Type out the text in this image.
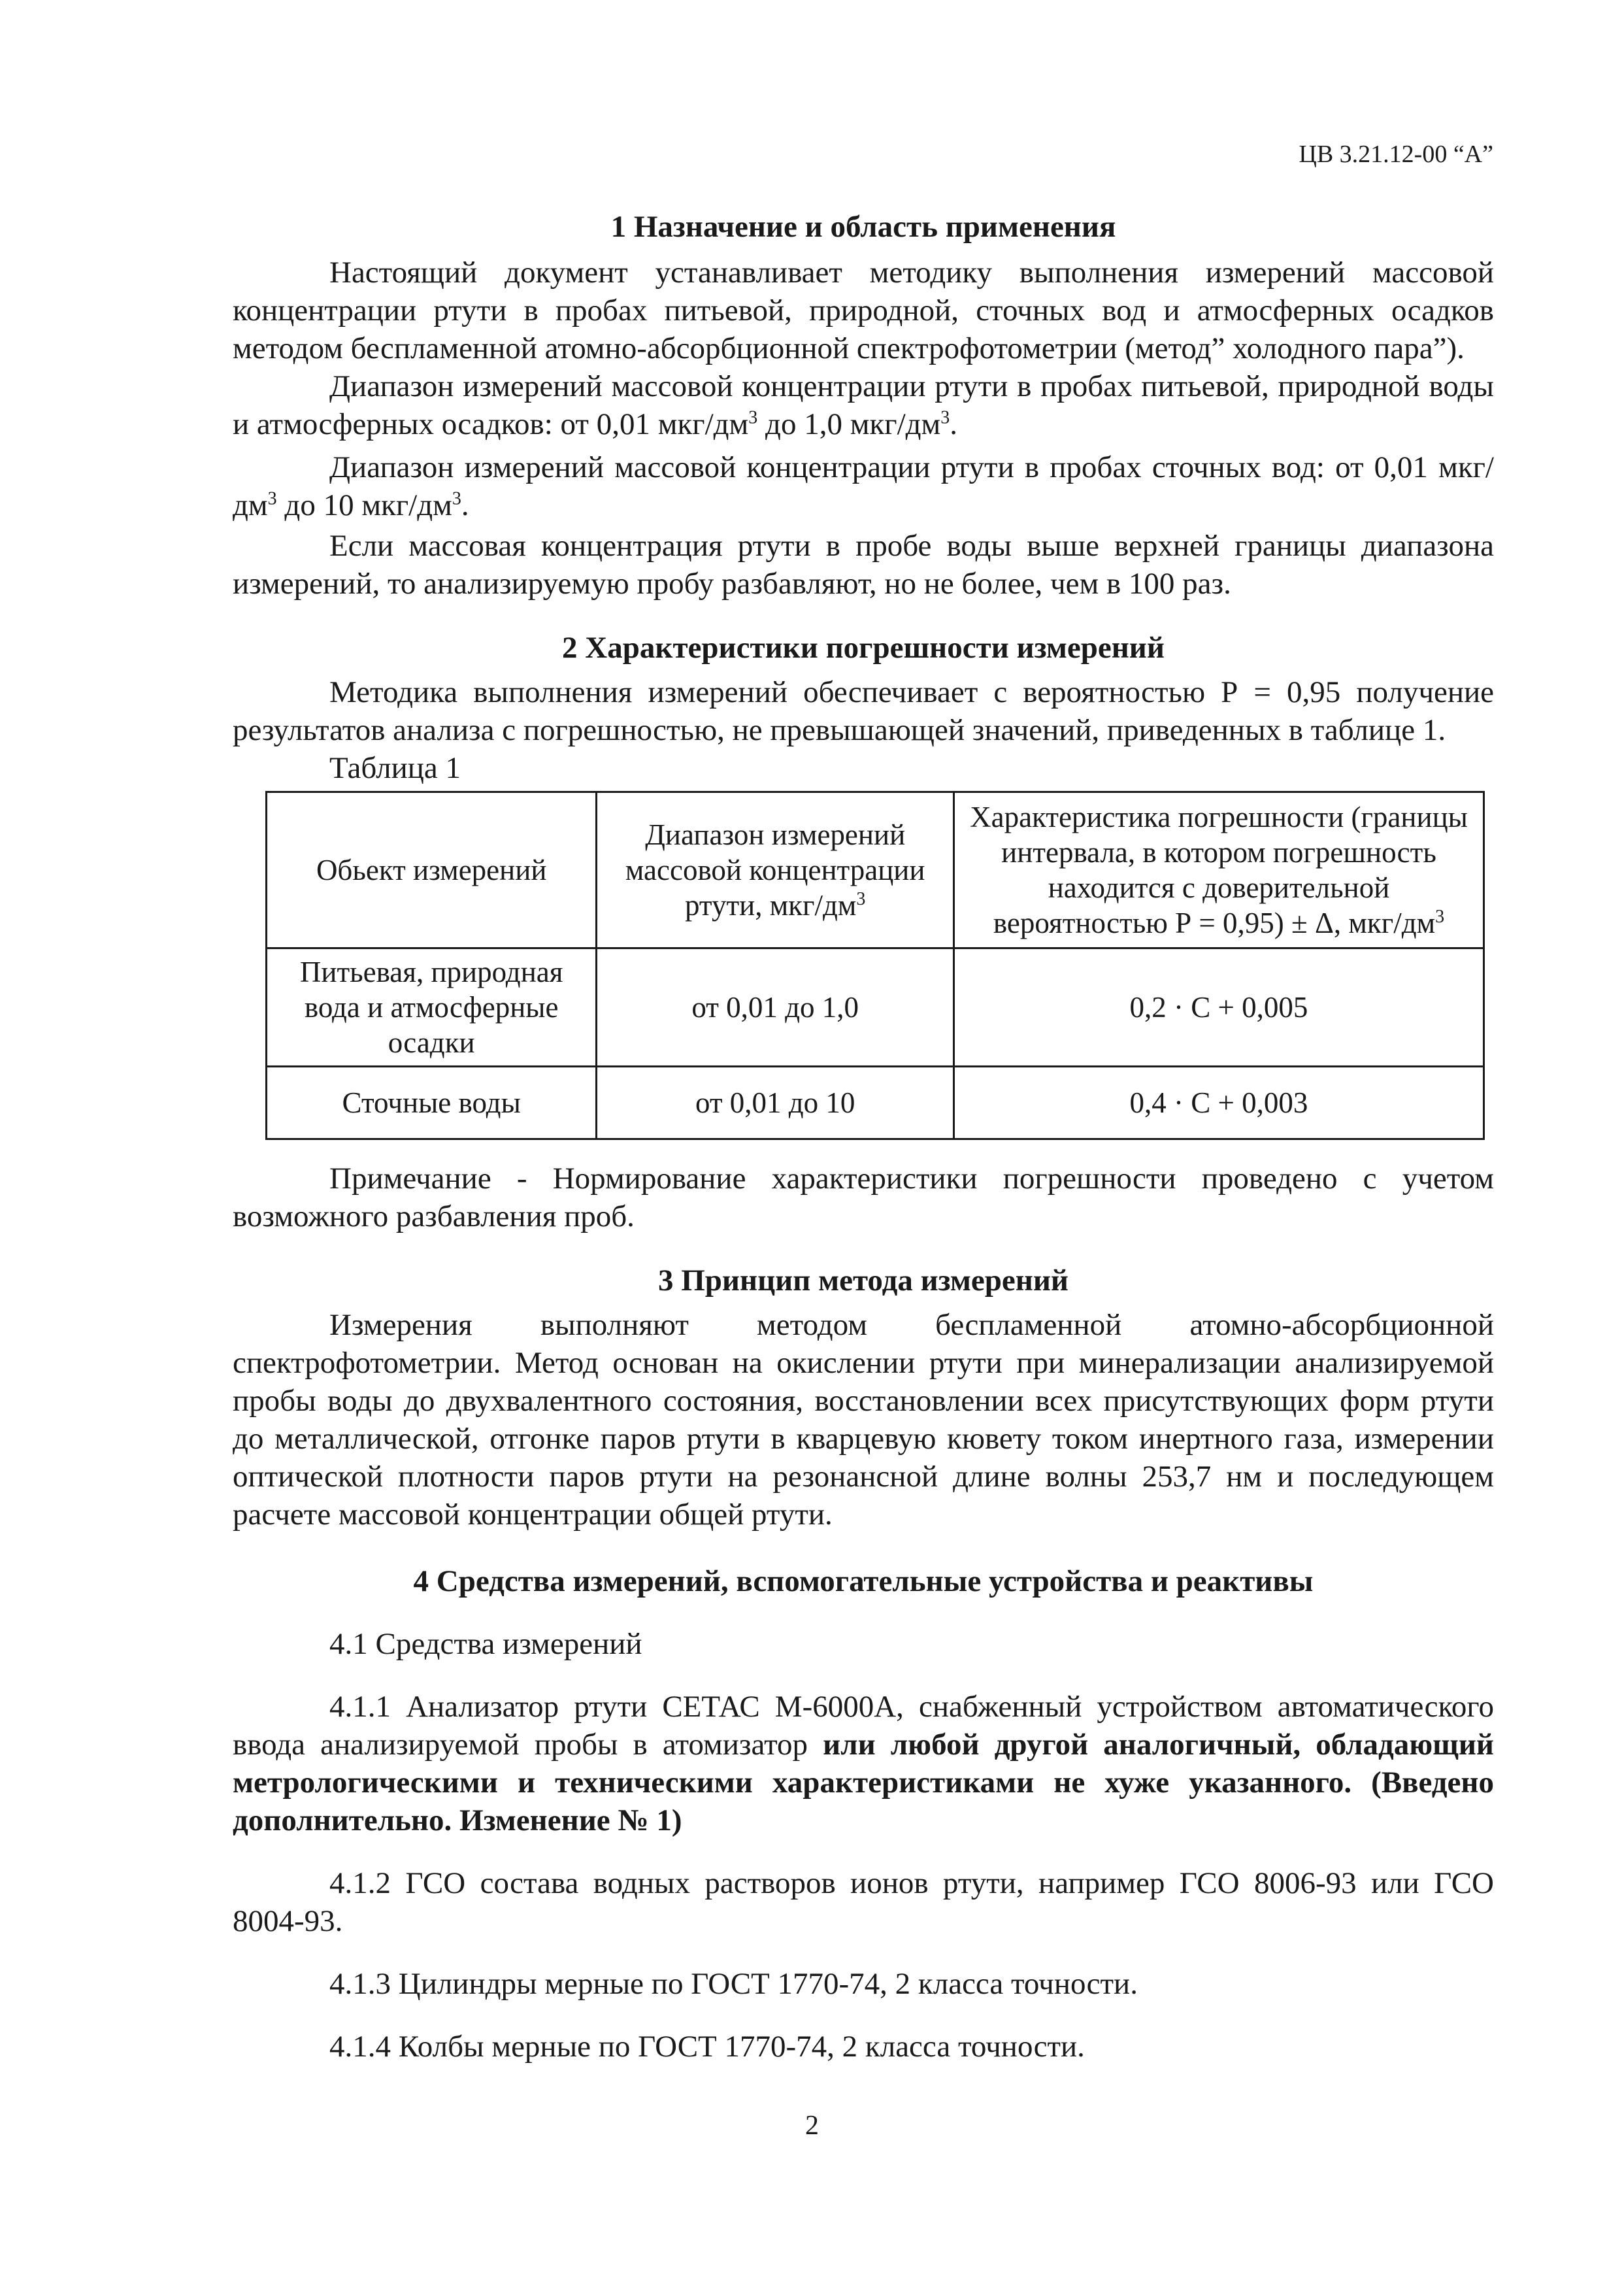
ЦВ 3.21.12-00 “А”
1 Назначение и область применения

Настоящий документ устанавливает методику выполнения измерений массовой концентрации ртути в пробах питьевой, природной, сточных вод и атмосферных осадков методом беспламенной атомно-абсорбционной спектрофотометрии (метод” холодного пара”).

Диапазон измерений массовой концентрации ртути в пробах питьевой, природной воды и атмосферных осадков: от 0,01 мкг/$дм^3$ до 1,0 мкг/$дм^3$.

Диапазон измерений массовой концентрации ртути в пробах сточных вод: от 0,01 мкг/$дм^3$ до 10 мкг/$дм^3$.

Если массовая концентрация ртути в пробе воды выше верхней границы диапазона измерений, то анализируемую пробу разбавляют, но не более, чем в 100 раз.

2 Характеристики погрешности измерений

Методика выполнения измерений обеспечивает с вероятностью Р = 0,95 получение результатов анализа с погрешностью, не превышающей значений, приведенных в таблице 1.

Таблица 1

Обьект измерений	Диапазон измерений массовой концентрации ртути, мкг/$дм^3$	Характеристика погрешности (границы интервала, в котором погрешность находится с доверительной вероятностью Р = 0,95) ± Δ, мкг/$дм^3$
Питьевая, природная вода и атмосферные осадки	от 0,01 до 1,0	0,2 · С + 0,005
Сточные воды	от 0,01 до 10	0,4 · С + 0,003

Примечание - Нормирование характеристики погрешности проведено с учетом возможного разбавления проб.

3 Принцип метода измерений

Измерения выполняют методом беспламенной атомно-абсорбционной спектрофотометрии. Метод основан на окислении ртути при минерализации анализируемой пробы воды до двухвалентного состояния, восстановлении всех присутствующих форм ртути до металлической, отгонке паров ртути в кварцевую кювету током инертного газа, измерении оптической плотности паров ртути на резонансной длине волны 253,7 нм и последующем расчете массовой концентрации общей ртути.

4 Средства измерений, вспомогательные устройства и реактивы

4.1 Средства измерений

4.1.1 Анализатор ртути СЕТАС М-6000А, снабженный устройством автоматического ввода анализируемой пробы в атомизатор или любой другой аналогичный, обладающий метрологическими и техническими характеристиками не хуже указанного. (Введено дополнительно. Изменение № 1)

4.1.2 ГСО состава водных растворов ионов ртути, например ГСО 8006-93 или ГСО 8004-93.

4.1.3 Цилиндры мерные по ГОСТ 1770-74, 2 класса точности.

4.1.4 Колбы мерные по ГОСТ 1770-74, 2 класса точности.

2
